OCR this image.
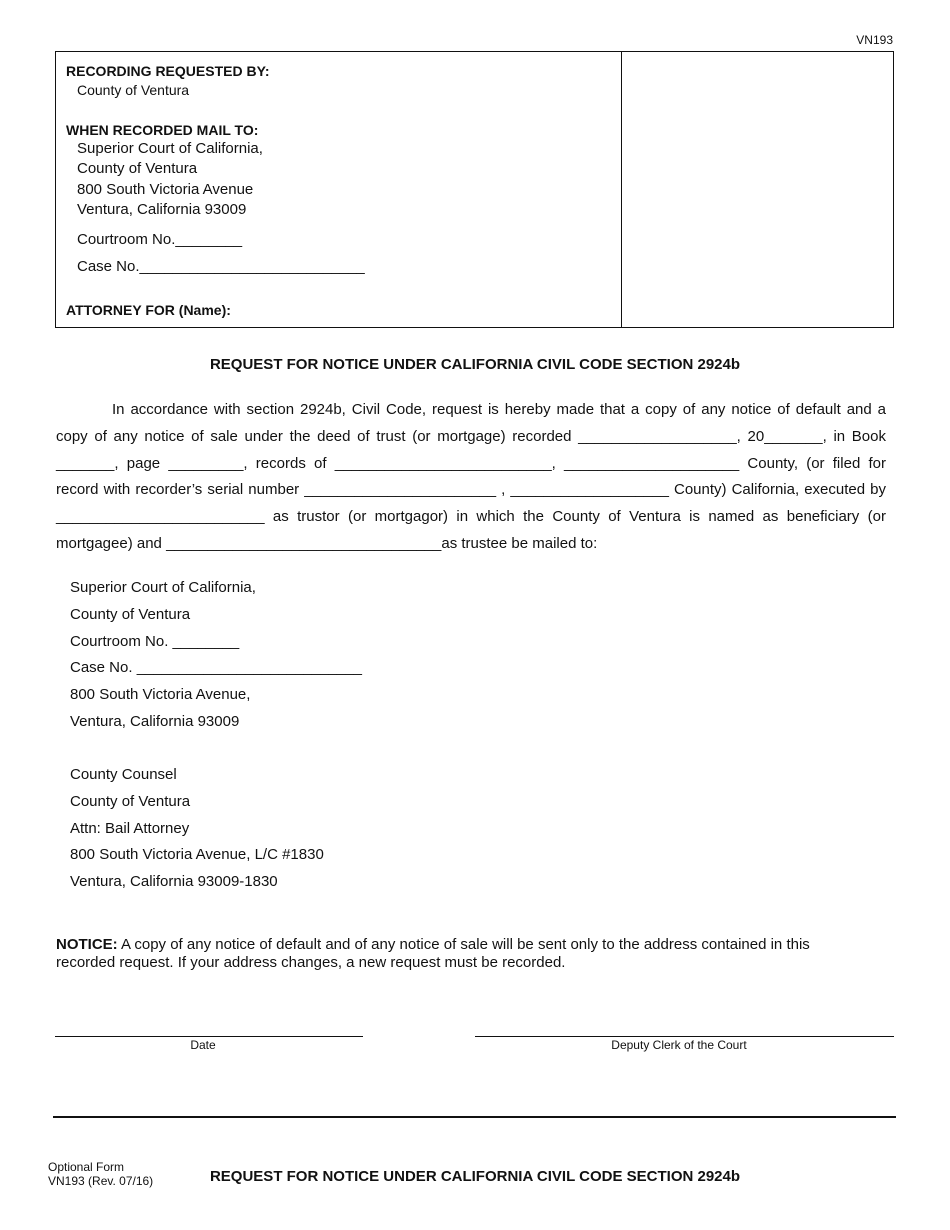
VN193
RECORDING REQUESTED BY:
County of Ventura
WHEN RECORDED MAIL TO:
Superior Court of California,
County of Ventura
800 South Victoria Avenue
Ventura, California 93009
Courtroom No.________
Case No.___________________________
ATTORNEY FOR (Name):
REQUEST FOR NOTICE UNDER CALIFORNIA CIVIL CODE SECTION 2924b

In accordance with section 2924b, Civil Code, request is hereby made that a copy of any notice of default and a copy of any notice of sale under the deed of trust (or mortgage) recorded ___________________, 20_______, in Book _______, page _________, records of __________________________, _____________________ County, (or filed for record with recorder’s serial number _______________________ , ___________________ County) California, executed by _________________________ as trustor (or mortgagor) in which the County of Ventura is named as beneficiary (or mortgagee) and _________________________________as trustee be mailed to:

Superior Court of California,
County of Ventura
Courtroom No. ________
Case No. ___________________________
800 South Victoria Avenue,
Ventura, California 93009
County Counsel
County of Ventura
Attn: Bail Attorney
800 South Victoria Avenue, L/C #1830
Ventura, California 93009-1830
NOTICE: A copy of any notice of default and of any notice of sale will be sent only to the address contained in this recorded request. If your address changes, a new request must be recorded.
Date	Deputy Clerk of the Court
Optional Form
VN193 (Rev. 07/16)	REQUEST FOR NOTICE UNDER CALIFORNIA CIVIL CODE SECTION 2924b
